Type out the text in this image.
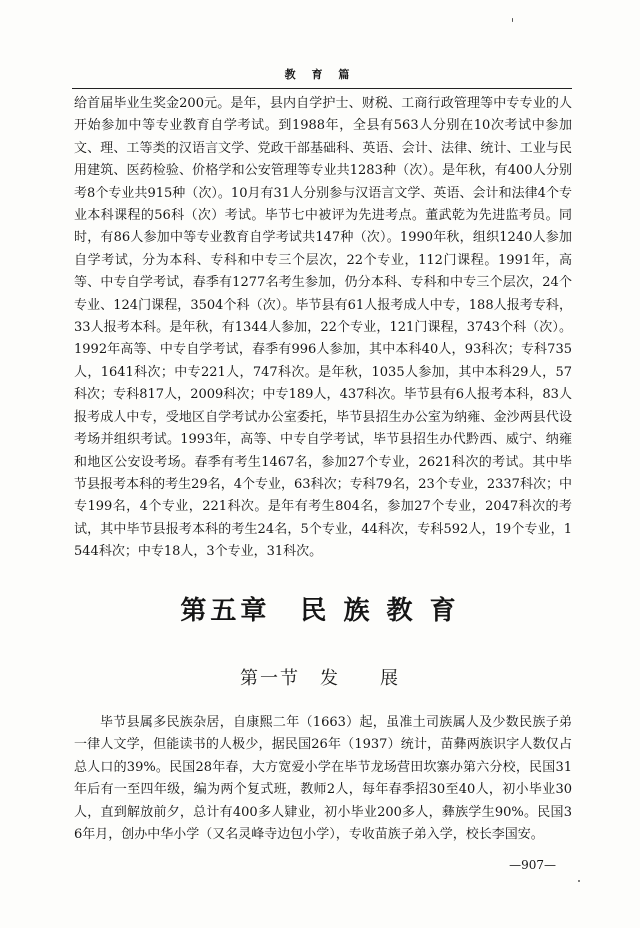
教 育 篇

给首届毕业生奖金200元。是年，县内自学护士、财税、工商行政管理等中专专业的人开始参加中等专业教育自学考试。到1988年，全县有563人分别在10次考试中参加文、理、工等类的汉语言文学、党政干部基础科、英语、会计、法律、统计、工业与民用建筑、医药检验、价格学和公安管理等专业共1283种（次）。是年秋，有400人分别考8个专业共915种（次）。10月有31人分别参与汉语言文学、英语、会计和法律4个专业本科课程的56科（次）考试。毕节七中被评为先进考点。董武乾为先进监考员。同时，有86人参加中等专业教育自学考试共147种（次）。1990年秋，组织1240人参加自学考试，分为本科、专科和中专三个层次，22个专业，112门课程。1991年，高等、中专自学考试，春季有1277名考生参加，仍分本科、专科和中专三个层次，24个专业、124门课程，3504个科（次）。毕节县有61人报考成人中专，188人报考专科，33人报考本科。是年秋，有1344人参加，22个专业，121门课程，3743个科（次）。1992年高等、中专自学考试，春季有996人参加，其中本科40人，93科次；专科735人，1641科次；中专221人，747科次。是年秋，1035人参加，其中本科29人，57科次；专科817人，2009科次；中专189人，437科次。毕节县有6人报考本科，83人报考成人中专，受地区自学考试办公室委托，毕节县招生办公室为纳雍、金沙两县代设考场并组织考试。1993年，高等、中专自学考试，毕节县招生办代黔西、威宁、纳雍和地区公安设考场。春季有考生1467名，参加27个专业，2621科次的考试。其中毕节县报考本科的考生29名，4个专业，63科次；专科79名，23个专业，2337科次；中专199名，4个专业，221科次。是年有考生804名，参加27个专业，2047科次的考试，其中毕节县报考本科的考生24名，5个专业，44科次，专科592人，19个专业，1544科次；中专18人，3个专业，31科次。

第五章　民 族 教 育
第一节　发　　展

毕节县属多民族杂居，自康熙二年（1663）起，虽准土司族属人及少数民族子弟一律人文学，但能读书的人极少，据民国26年（1937）统计，苗彝两族识字人数仅占总人口的39%。民国28年春，大方宽爱小学在毕节龙场营田坎寨办第六分校，民国31年后有一至四年级，编为两个复式班，教师2人，每年春季招30至40人，初小毕业30人，直到解放前夕，总计有400多人肄业，初小毕业200多人，彝族学生90%。民国36年月，创办中华小学（又名灵峰寺边包小学），专收苗族子弟入学，校长李国安。

—907—
